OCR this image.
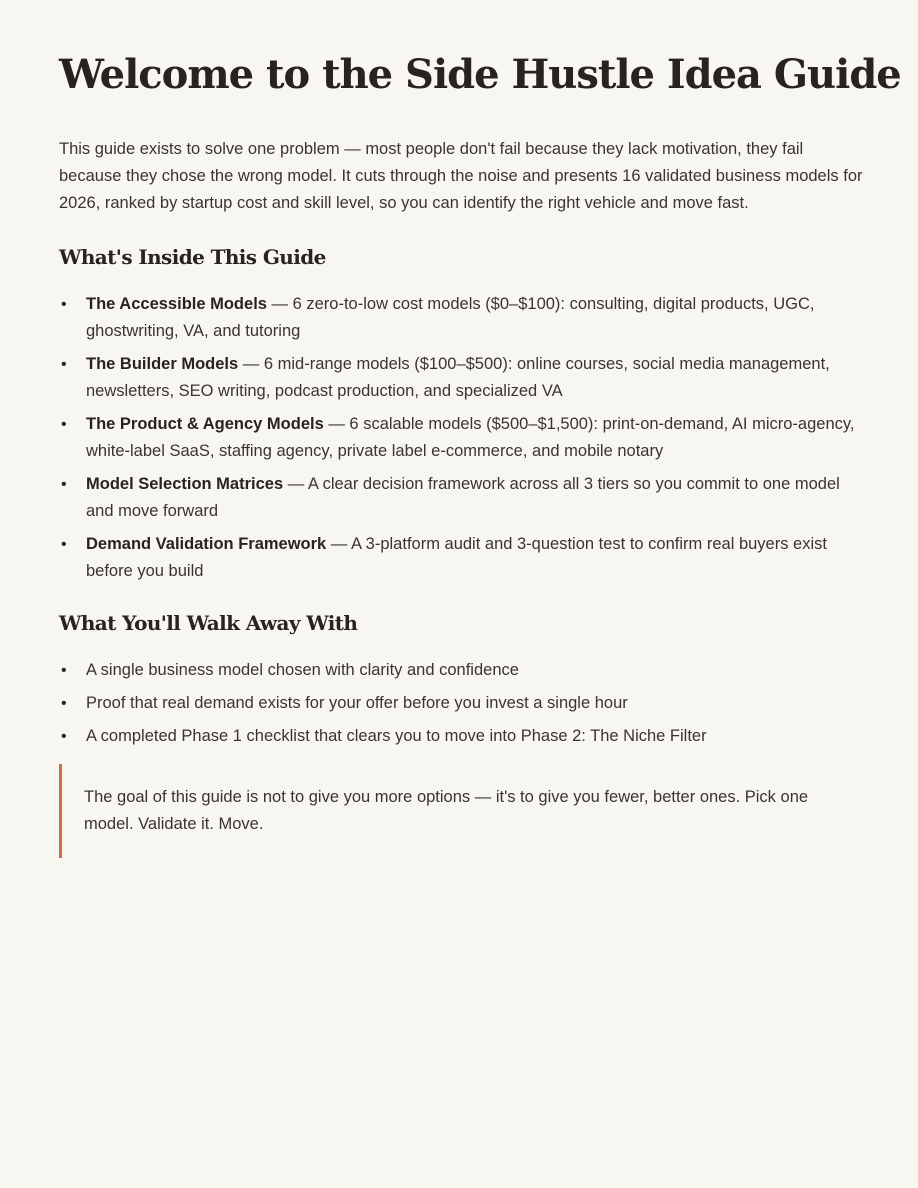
Welcome to the Side Hustle Idea Guide

This guide exists to solve one problem — most people don't fail because they lack motivation, they fail because they chose the wrong model. It cuts through the noise and presents 16 validated business models for 2026, ranked by startup cost and skill level, so you can identify the right vehicle and move fast.

What's Inside This Guide
• The Accessible Models — 6 zero-to-low cost models ($0–$100): consulting, digital products, UGC, ghostwriting, VA, and tutoring
• The Builder Models — 6 mid-range models ($100–$500): online courses, social media management, newsletters, SEO writing, podcast production, and specialized VA
• The Product & Agency Models — 6 scalable models ($500–$1,500): print-on-demand, AI micro-agency, white-label SaaS, staffing agency, private label e-commerce, and mobile notary
• Model Selection Matrices — A clear decision framework across all 3 tiers so you commit to one model and move forward
• Demand Validation Framework — A 3-platform audit and 3-question test to confirm real buyers exist before you build
What You'll Walk Away With
• A single business model chosen with clarity and confidence
• Proof that real demand exists for your offer before you invest a single hour
• A completed Phase 1 checklist that clears you to move into Phase 2: The Niche Filter
The goal of this guide is not to give you more options — it's to give you fewer, better ones. Pick one model. Validate it. Move.
